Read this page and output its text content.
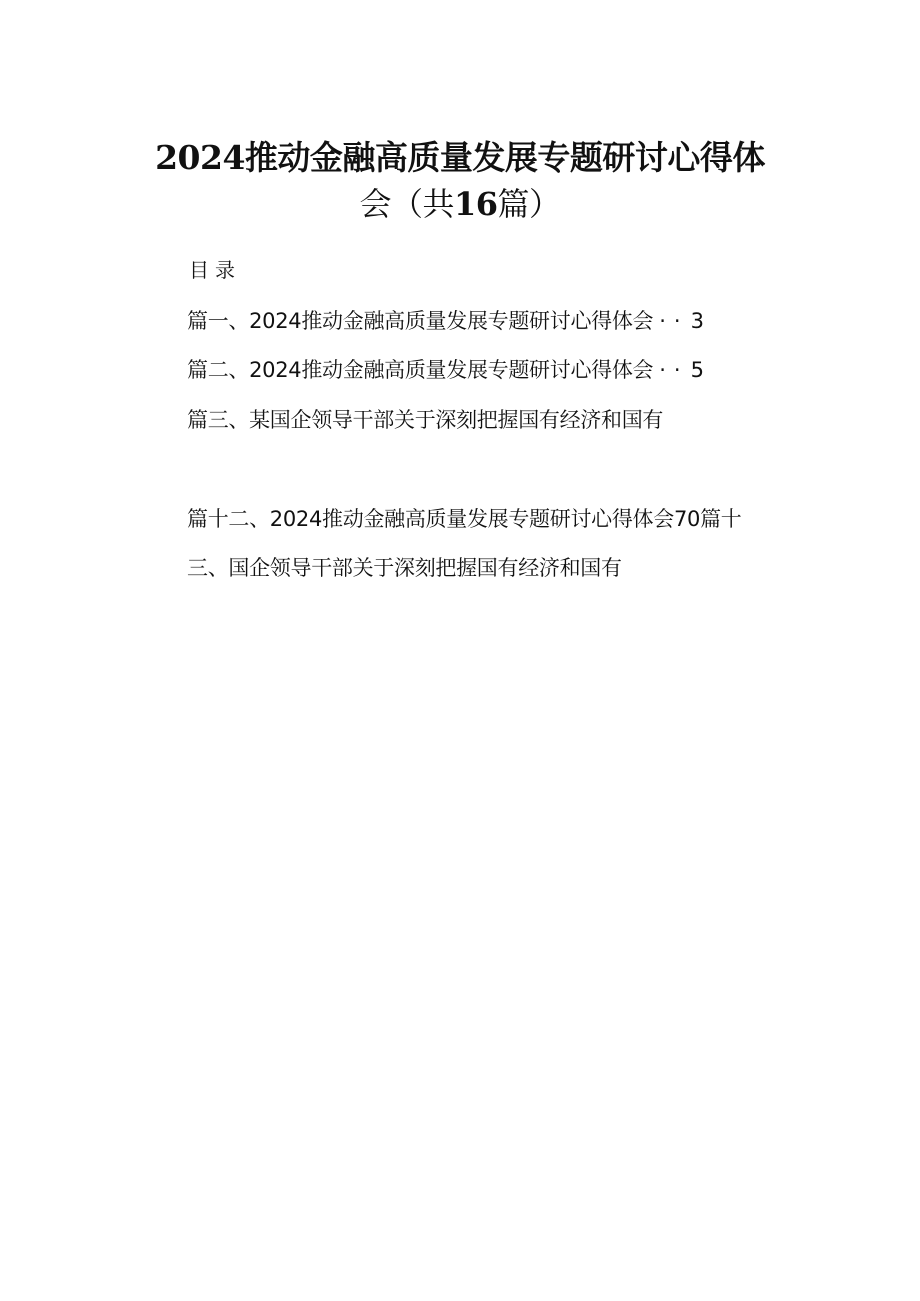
2024推动金融高质量发展专题研讨心得体
会（共16篇）
目录
篇一、2024推动金融高质量发展专题研讨心得体会 ··3
篇二、2024推动金融高质量发展专题研讨心得体会 ··5
篇三、某国企领导干部关于深刻把握国有经济和国有
篇十二、2024推动金融高质量发展专题研讨心得体会70篇十
三、国企领导干部关于深刻把握国有经济和国有
